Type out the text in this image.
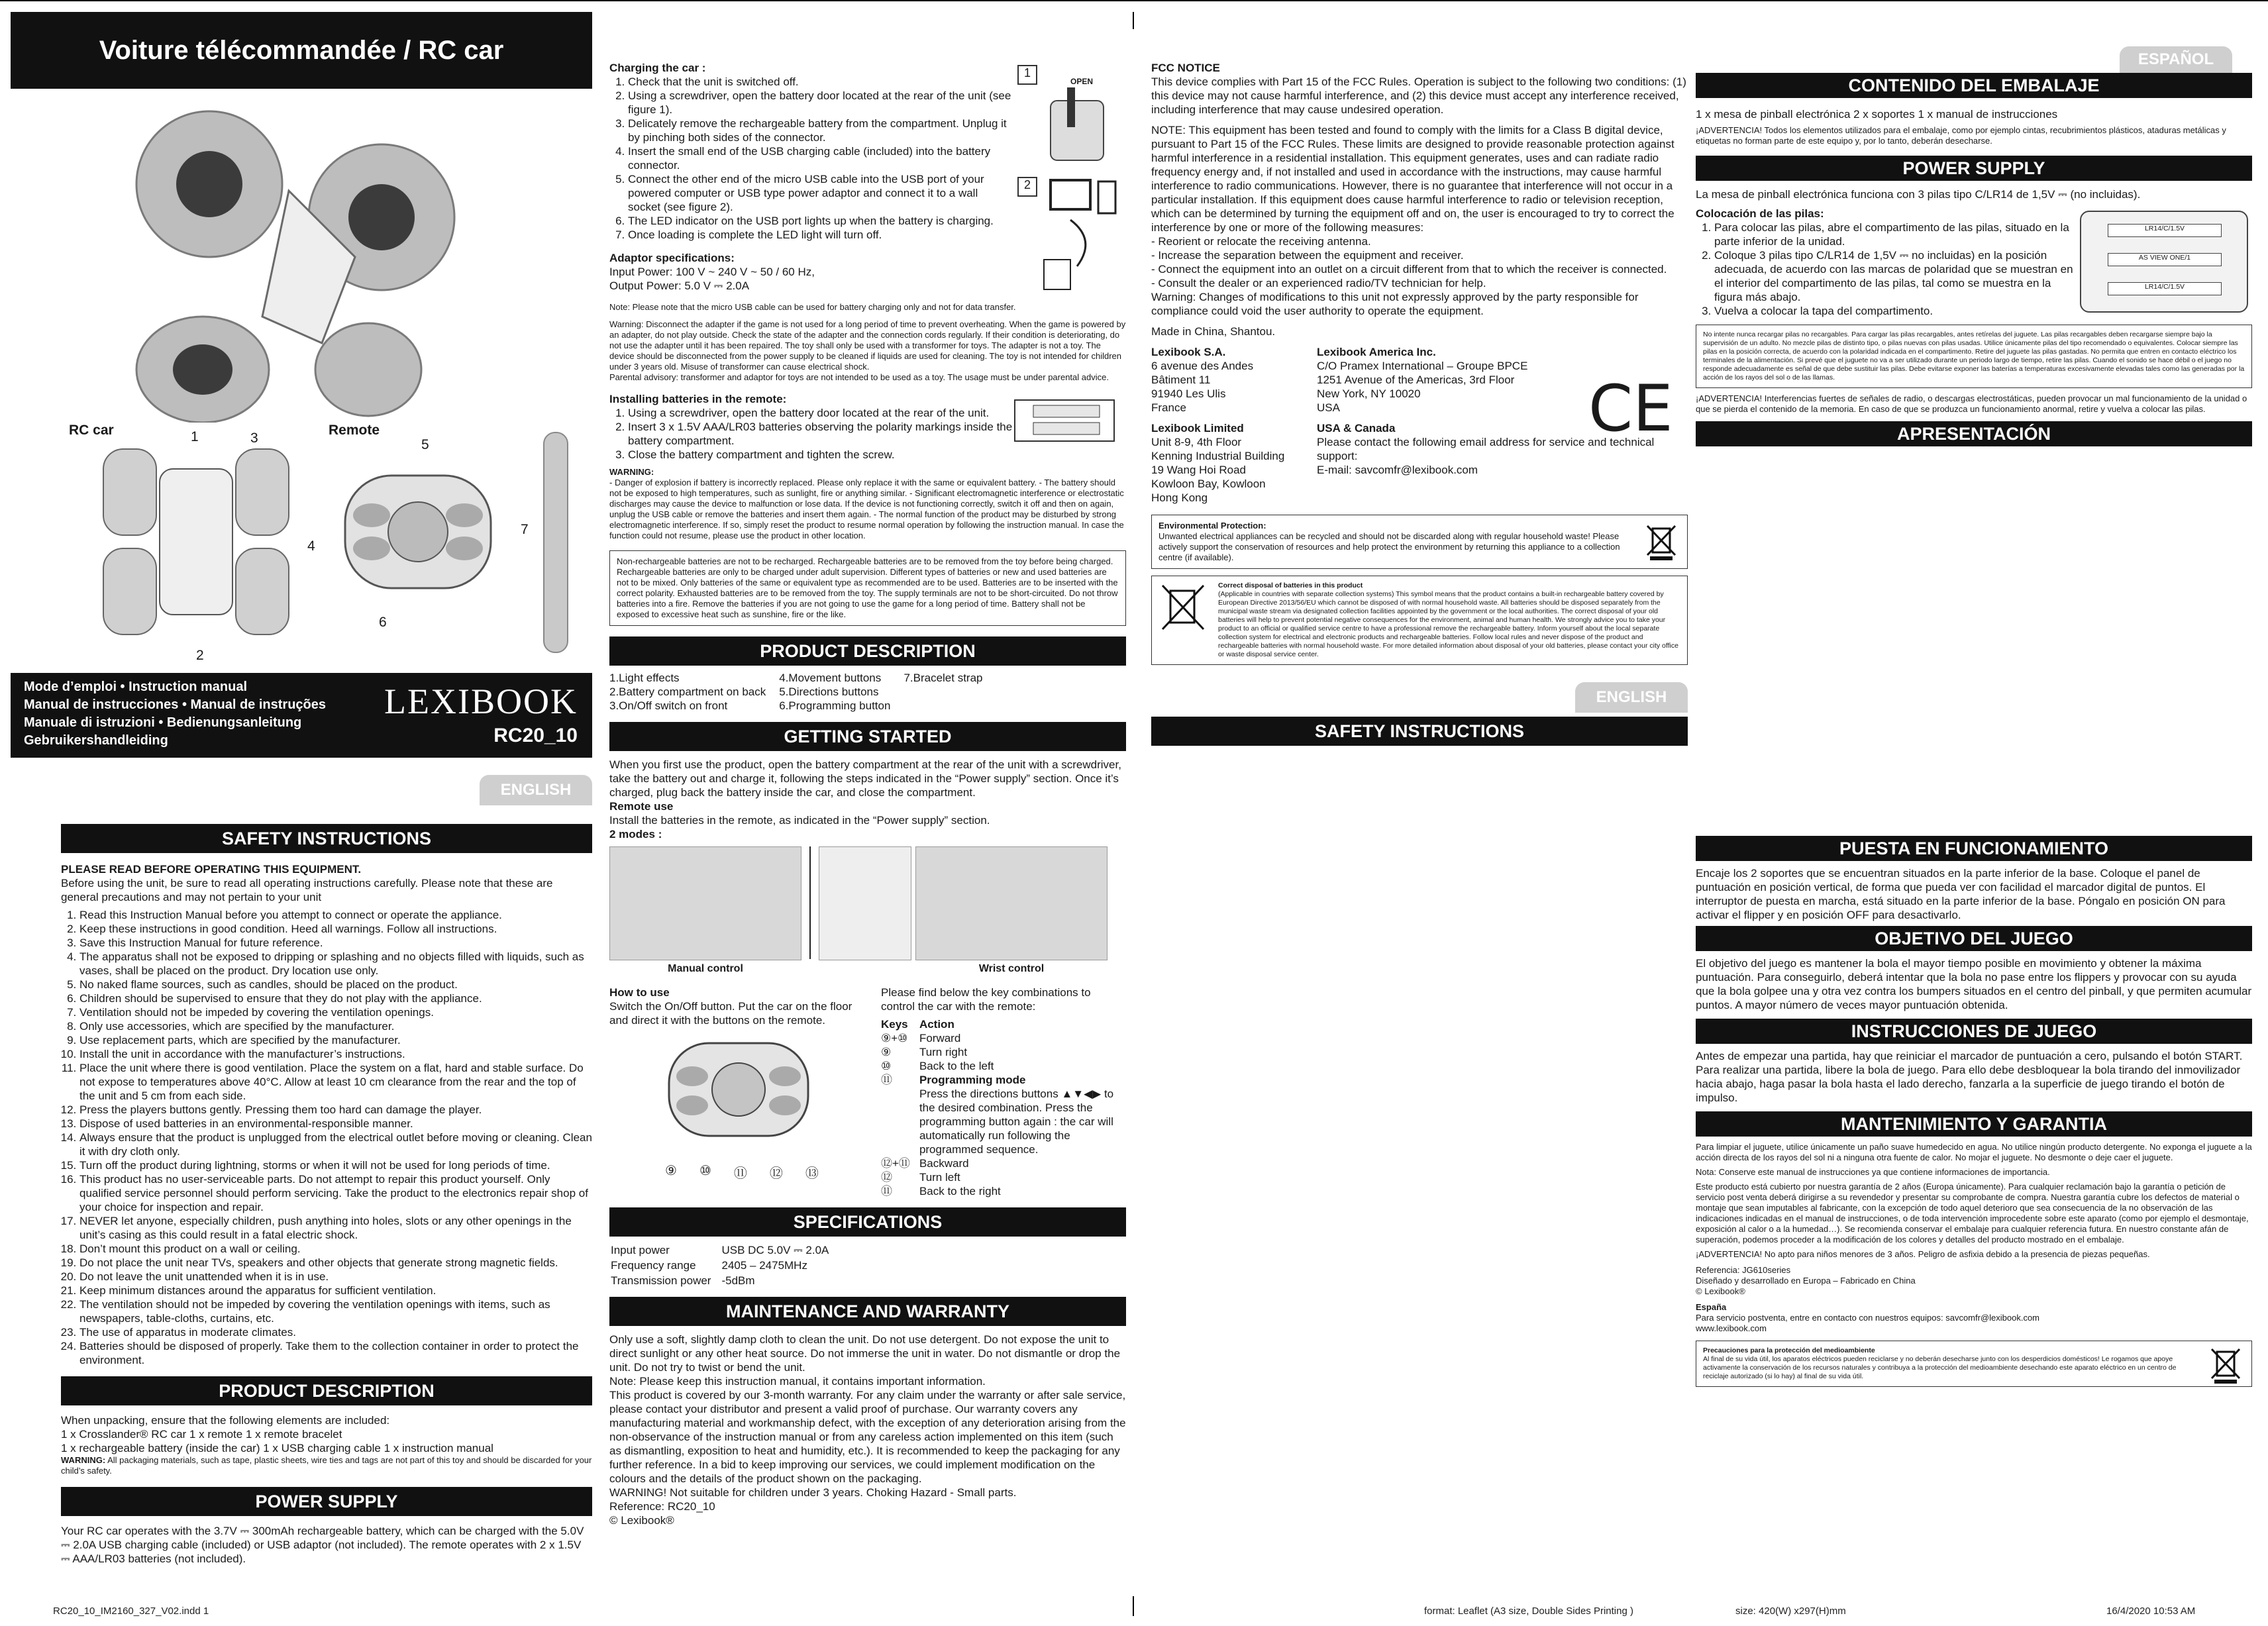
Voiture télécommandée / RC car
RC car	Remote
1	3
2
5
4
6
7
Mode d’emploi • Instruction manual
Manual de instrucciones • Manual de instruções
Manuale di istruzioni • Bedienungsanleitung
Gebruikershandleiding
LEXIBOOK
RC20_10
ENGLISH
SAFETY INSTRUCTIONS

PLEASE READ BEFORE OPERATING THIS EQUIPMENT.

Before using the unit, be sure to read all operating instructions carefully. Please note that these are general precautions and may not pertain to your unit

1. Read this Instruction Manual before you attempt to connect or operate the appliance.
2. Keep these instructions in good condition. Heed all warnings. Follow all instructions.
3. Save this Instruction Manual for future reference.
4. The apparatus shall not be exposed to dripping or splashing and no objects filled with liquids, such as vases, shall be placed on the product. Dry location use only.
5. No naked flame sources, such as candles, should be placed on the product.
6. Children should be supervised to ensure that they do not play with the appliance.
7. Ventilation should not be impeded by covering the ventilation openings.
8. Only use accessories, which are specified by the manufacturer.
9. Use replacement parts, which are specified by the manufacturer.
10. Install the unit in accordance with the manufacturer’s instructions.
11. Place the unit where there is good ventilation. Place the system on a flat, hard and stable surface. Do not expose to temperatures above 40°C. Allow at least 10 cm clearance from the rear and the top of the unit and 5 cm from each side.
12. Press the players buttons gently. Pressing them too hard can damage the player.
13. Dispose of used batteries in an environmental-responsible manner.
14. Always ensure that the product is unplugged from the electrical outlet before moving or cleaning. Clean it with dry cloth only.
15. Turn off the product during lightning, storms or when it will not be used for long periods of time.
16. This product has no user-serviceable parts. Do not attempt to repair this product yourself. Only qualified service personnel should perform servicing. Take the product to the electronics repair shop of your choice for inspection and repair.
17. NEVER let anyone, especially children, push anything into holes, slots or any other openings in the unit’s casing as this could result in a fatal electric shock.
18. Don’t mount this product on a wall or ceiling.
19. Do not place the unit near TVs, speakers and other objects that generate strong magnetic fields.
20. Do not leave the unit unattended when it is in use.
21. Keep minimum distances around the apparatus for sufficient ventilation.
22. The ventilation should not be impeded by covering the ventilation openings with items, such as newspapers, table-cloths, curtains, etc.
23. The use of apparatus in moderate climates.
24. Batteries should be disposed of properly. Take them to the collection container in order to protect the environment.
PRODUCT DESCRIPTION

When unpacking, ensure that the following elements are included:

1 x Crosslander® RC car 1 x remote 1 x remote bracelet

1 x rechargeable battery (inside the car) 1 x USB charging cable 1 x instruction manual

WARNING: All packaging materials, such as tape, plastic sheets, wire ties and tags are not part of this toy and should be discarded for your child’s safety.

POWER SUPPLY

Your RC car operates with the 3.7V ⎓ 300mAh rechargeable battery, which can be charged with the 5.0V ⎓ 2.0A USB charging cable (included) or USB adaptor (not included). The remote operates with 2 x 1.5V ⎓ AAA/LR03 batteries (not included).

Charging the car :

1. Check that the unit is switched off.
2. Using a screwdriver, open the battery door located at the rear of the unit (see figure 1).
3. Delicately remove the rechargeable battery from the compartment. Unplug it by pinching both sides of the connector.
4. Insert the small end of the USB charging cable (included) into the battery connector.
5. Connect the other end of the micro USB cable into the USB port of your powered computer or USB type power adaptor and connect it to a wall socket (see figure 2).
6. The LED indicator on the USB port lights up when the battery is charging.
7. Once loading is complete the LED light will turn off.

Adaptor specifications:

Input Power: 100 V ~ 240 V ~ 50 / 60 Hz,

Output Power: 5.0 V ⎓ 2.0A

1
OPEN
2

Note: Please note that the micro USB cable can be used for battery charging only and not for data transfer.

Warning: Disconnect the adapter if the game is not used for a long period of time to prevent overheating. When the game is powered by an adapter, do not play outside. Check the state of the adapter and the connection cords regularly. If their condition is deteriorating, do not use the adapter until it has been repaired. The toy shall only be used with a transformer for toys. The adapter is not a toy. The device should be disconnected from the power supply to be cleaned if liquids are used for cleaning. The toy is not intended for children under 3 years old. Misuse of transformer can cause electrical shock.

Parental advisory: transformer and adaptor for toys are not intended to be used as a toy. The usage must be under parental advice.

Installing batteries in the remote:

1. Using a screwdriver, open the battery door located at the rear of the unit.
2. Insert 3 x 1.5V AAA/LR03 batteries observing the polarity markings inside the battery compartment.
3. Close the battery compartment and tighten the screw.

WARNING:

- Danger of explosion if battery is incorrectly replaced. Please only replace it with the same or equivalent battery. - The battery should not be exposed to high temperatures, such as sunlight, fire or anything similar. - Significant electromagnetic interference or electrostatic discharges may cause the device to malfunction or lose data. If the device is not functioning correctly, switch it off and then on again, unplug the USB cable or remove the batteries and insert them again. - The normal function of the product may be disturbed by strong electromagnetic interference. If so, simply reset the product to resume normal operation by following the instruction manual. In case the function could not resume, please use the product in other location.

Non-rechargeable batteries are not to be recharged. Rechargeable batteries are to be removed from the toy before being charged. Rechargeable batteries are only to be charged under adult supervision. Different types of batteries or new and used batteries are not to be mixed. Only batteries of the same or equivalent type as recommended are to be used. Batteries are to be inserted with the correct polarity. Exhausted batteries are to be removed from the toy. The supply terminals are not to be short-circuited. Do not throw batteries into a fire. Remove the batteries if you are not going to use the game for a long period of time. Battery shall not be exposed to excessive heat such as sunshine, fire or the like.
PRODUCT DESCRIPTION
1.Light effects
2.Battery compartment on back
3.On/Off switch on front
4.Movement buttons
5.Directions buttons
6.Programming button
7.Bracelet strap
GETTING STARTED

When you first use the product, open the battery compartment at the rear of the unit with a screwdriver, take the battery out and charge it, following the steps indicated in the “Power supply” section. Once it’s charged, plug back the battery inside the car, and close the compartment.

Remote use

Install the batteries in the remote, as indicated in the “Power supply” section.

2 modes :

Manual control	Wrist control

How to use

Switch the On/Off button. Put the car on the floor and direct it with the buttons on the remote.

⑨ ⑩ ⑪ ⑫ ⑬

Please find below the key combinations to control the car with the remote:

Keys	Action
⑨+⑩	Forward
⑨	Turn right
⑩	Back to the left
⑪	Programming mode
	Press the directions buttons ▲▼◀▶ to the desired combination. Press the programming button again : the car will automatically run following the programmed sequence.
⑫+⑪	Backward
⑫	Turn left
⑪	Back to the right
SPECIFICATIONS
Input power	USB DC 5.0V ⎓ 2.0A
Frequency range	2405 – 2475MHz
Transmission power	-5dBm
MAINTENANCE AND WARRANTY

Only use a soft, slightly damp cloth to clean the unit. Do not use detergent. Do not expose the unit to direct sunlight or any other heat source. Do not immerse the unit in water. Do not dismantle or drop the unit. Do not try to twist or bend the unit.

Note: Please keep this instruction manual, it contains important information.

This product is covered by our 3-month warranty. For any claim under the warranty or after sale service, please contact your distributor and present a valid proof of purchase. Our warranty covers any manufacturing material and workmanship defect, with the exception of any deterioration arising from the non-observance of the instruction manual or from any careless action implemented on this item (such as dismantling, exposition to heat and humidity, etc.). It is recommended to keep the packaging for any further reference. In a bid to keep improving our services, we could implement modification on the colours and the details of the product shown on the packaging.

WARNING! Not suitable for children under 3 years. Choking Hazard - Small parts.

Reference: RC20_10

© Lexibook®

FCC NOTICE

This device complies with Part 15 of the FCC Rules. Operation is subject to the following two conditions: (1) this device may not cause harmful interference, and (2) this device must accept any interference received, including interference that may cause undesired operation.

NOTE: This equipment has been tested and found to comply with the limits for a Class B digital device, pursuant to Part 15 of the FCC Rules. These limits are designed to provide reasonable protection against harmful interference in a residential installation. This equipment generates, uses and can radiate radio frequency energy and, if not installed and used in accordance with the instructions, may cause harmful interference to radio communications. However, there is no guarantee that interference will not occur in a particular installation. If this equipment does cause harmful interference to radio or television reception, which can be determined by turning the equipment off and on, the user is encouraged to try to correct the interference by one or more of the following measures:

- Reorient or relocate the receiving antenna.

- Increase the separation between the equipment and receiver.

- Connect the equipment into an outlet on a circuit different from that to which the receiver is connected.

- Consult the dealer or an experienced radio/TV technician for help.

Warning: Changes of modifications to this unit not expressly approved by the party responsible for compliance could void the user authority to operate the equipment.

Made in China, Shantou.

Lexibook S.A.
6 avenue des Andes
Bâtiment 11
91940 Les Ulis
France
Lexibook Limited
Unit 8-9, 4th Floor
Kenning Industrial Building
19 Wang Hoi Road
Kowloon Bay, Kowloon
Hong Kong
Lexibook America Inc.
C/O Pramex International – Groupe BPCE
1251 Avenue of the Americas, 3rd Floor
New York, NY 10020
USA
USA & Canada
Please contact the following email address for service and technical support:
E-mail: savcomfr@lexibook.com
CE

Environmental Protection:

Unwanted electrical appliances can be recycled and should not be discarded along with regular household waste! Please actively support the conservation of resources and help protect the environment by returning this appliance to a collection centre (if available).

Correct disposal of batteries in this product

(Applicable in countries with separate collection systems) This symbol means that the product contains a built-in rechargeable battery covered by European Directive 2013/56/EU which cannot be disposed of with normal household waste. All batteries should be disposed separately from the municipal waste stream via designated collection facilities appointed by the government or the local authorities. The correct disposal of your old batteries will help to prevent potential negative consequences for the environment, animal and human health. We strongly advice you to take your product to an official or qualified service centre to have a professional remove the rechargeable battery. Inform yourself about the local separate collection system for electrical and electronic products and rechargeable batteries. Follow local rules and never dispose of the product and rechargeable batteries with normal household waste. For more detailed information about disposal of your old batteries, please contact your city office or waste disposal service center.

ENGLISH
SAFETY INSTRUCTIONS
ESPAÑOL
CONTENIDO DEL EMBALAJE

1 x mesa de pinball electrónica 2 x soportes 1 x manual de instrucciones

¡ADVERTENCIA! Todos los elementos utilizados para el embalaje, como por ejemplo cintas, recubrimientos plásticos, ataduras metálicas y etiquetas no forman parte de este equipo y, por lo tanto, deberán desecharse.

POWER SUPPLY

La mesa de pinball electrónica funciona con 3 pilas tipo C/LR14 de 1,5V ⎓ (no incluidas).

Colocación de las pilas:

1. Para colocar las pilas, abre el compartimento de las pilas, situado en la parte inferior de la unidad.
2. Coloque 3 pilas tipo C/LR14 de 1,5V ⎓ no incluidas) en la posición adecuada, de acuerdo con las marcas de polaridad que se muestran en el interior del compartimento de las pilas, tal como se muestra en la figura más abajo.
3. Vuelva a colocar la tapa del compartimento.
LR14/C/1.5V
AS VIEW ONE/1
LR14/C/1.5V
No intente nunca recargar pilas no recargables. Para cargar las pilas recargables, antes retírelas del juguete. Las pilas recargables deben recargarse siempre bajo la supervisión de un adulto. No mezcle pilas de distinto tipo, o pilas nuevas con pilas usadas. Utilice únicamente pilas del tipo recomendado o equivalentes. Colocar siempre las pilas en la posición correcta, de acuerdo con la polaridad indicada en el compartimento. Retire del juguete las pilas gastadas. No permita que entren en contacto eléctrico los terminales de la alimentación. Si prevé que el juguete no va a ser utilizado durante un periodo largo de tiempo, retire las pilas. Cuando el sonido se hace débil o el juego no responde adecuadamente es señal de que debe sustituir las pilas. Debe evitarse exponer las baterías a temperaturas excesivamente elevadas tales como las generadas por la acción de los rayos del sol o de las llamas.

¡ADVERTENCIA! Interferencias fuertes de señales de radio, o descargas electrostáticas, pueden provocar un mal funcionamiento de la unidad o que se pierda el contenido de la memoria. En caso de que se produzca un funcionamiento anormal, retire y vuelva a colocar las pilas.

APRESENTACIÓN
PUESTA EN FUNCIONAMIENTO

Encaje los 2 soportes que se encuentran situados en la parte inferior de la base. Coloque el panel de puntuación en posición vertical, de forma que pueda ver con facilidad el marcador digital de puntos. El interruptor de puesta en marcha, está situado en la parte inferior de la base. Póngalo en posición ON para activar el flipper y en posición OFF para desactivarlo.

OBJETIVO DEL JUEGO

El objetivo del juego es mantener la bola el mayor tiempo posible en movimiento y obtener la máxima puntuación. Para conseguirlo, deberá intentar que la bola no pase entre los flippers y provocar con su ayuda que la bola golpee una y otra vez contra los bumpers situados en el centro del pinball, y que permiten acumular puntos. A mayor número de veces mayor puntuación obtenida.

INSTRUCCIONES DE JUEGO

Antes de empezar una partida, hay que reiniciar el marcador de puntuación a cero, pulsando el botón START. Para realizar una partida, libere la bola de juego. Para ello debe desbloquear la bola tirando del inmovilizador hacia abajo, haga pasar la bola hasta el lado derecho, fanzarla a la superficie de juego tirando el botón de impulso.

MANTENIMIENTO Y GARANTIA

Para limpiar el juguete, utilice únicamente un paño suave humedecido en agua. No utilice ningún producto detergente. No exponga el juguete a la acción directa de los rayos del sol ni a ninguna otra fuente de calor. No mojar el juguete. No desmonte o deje caer el juguete.

Nota: Conserve este manual de instrucciones ya que contiene informaciones de importancia.

Este producto está cubierto por nuestra garantía de 2 años (Europa únicamente). Para cualquier reclamación bajo la garantía o petición de servicio post venta deberá dirigirse a su revendedor y presentar su comprobante de compra. Nuestra garantía cubre los defectos de material o montaje que sean imputables al fabricante, con la excepción de todo aquel deterioro que sea consecuencia de la no observación de las indicaciones indicadas en el manual de instrucciones, o de toda intervención improcedente sobre este aparato (como por ejemplo el desmontaje, exposición al calor o a la humedad…). Se recomienda conservar el embalaje para cualquier referencia futura. En nuestro constante afán de superación, podemos proceder a la modificación de los colores y detalles del producto mostrado en el embalaje.

¡ADVERTENCIA! No apto para niños menores de 3 años. Peligro de asfixia debido a la presencia de piezas pequeñas.

Referencia: JG610series

Diseñado y desarrollado en Europa – Fabricado en China

© Lexibook®

España

Para servicio postventa, entre en contacto con nuestros equipos: savcomfr@lexibook.com

www.lexibook.com

Precauciones para la protección del medioambiente

Al final de su vida útil, los aparatos eléctricos pueden reciclarse y no deberán desecharse junto con los desperdicios domésticos! Le rogamos que apoye activamente la conservación de los recursos naturales y contribuya a la protección del medioambiente desechando este aparato eléctrico en un centro de reciclaje autorizado (si lo hay) al final de su vida útil.

RC20_10_IM2160_327_V02.indd 1	format: Leaflet (A3 size, Double Sides Printing )	size: 420(W) x297(H)mm	16/4/2020 10:53 AM
